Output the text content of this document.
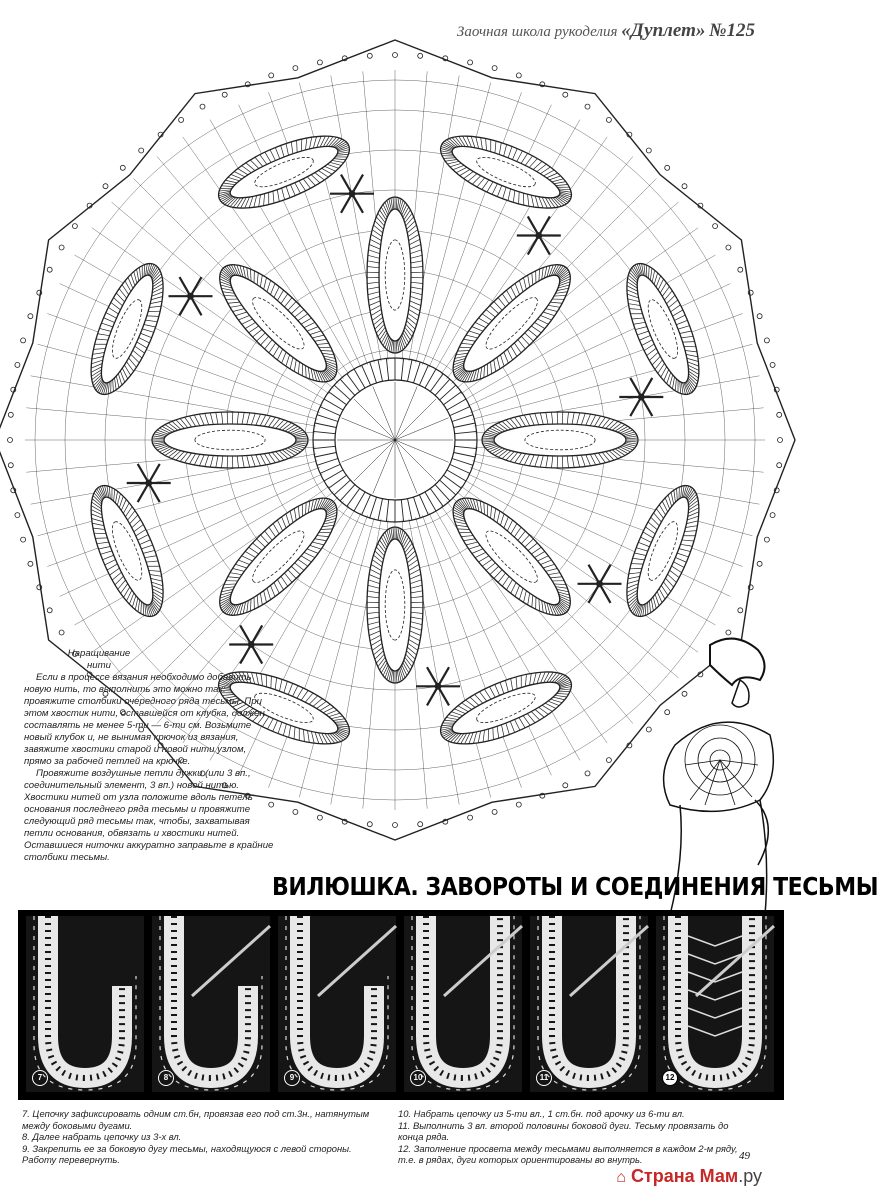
Заочная школа рукоделия «Дуплет» №125
Наращивание нити

Если в процессе вязания необходимо добавить новую нить, то выполнить это можно так: провяжите столбики очередного ряда тесьмы. При этом хвостик нити, оставшейся от клубка, должен составлять не менее 5-ти — 6-ти см. Возьмите новый клубок и, не вынимая крючок из вязания, завяжите хвостики старой и новой нити узлом, прямо за рабочей петлей на крючке.

Провяжите воздушные петли дужки (или 3 вп., соединительный элемент, 3 вп.) новой нитью. Хвостики нитей от узла положите вдоль петель основания последнего ряда тесьмы и провяжите следующий ряд тесьмы так, чтобы, захватывая петли основания, обвязать и хвостики нитей. Оставшиеся ниточки аккуратно заправьте в крайние столбики тесьмы.

ВИЛЮШКА. ЗАВОРОТЫ И СОЕДИНЕНИЯ ТЕСЬМЫ
7	8	9	10	11	12

7. Цепочку зафиксировать одним ст.бн, провязав его под ст.3н., натянутым между боковыми дугами.

8. Далее набрать цепочку из 3-х вл.

9. Закрепить ее за боковую дугу тесьмы, находящуюся с левой стороны. Работу перевернуть.

10. Набрать цепочку из 5-ти вл., 1 ст.бн. под арочку из 6-ти вл.

11. Выполнить 3 вл. второй половины боковой дуги. Тесьму провязать до конца ряда.

12. Заполнение просвета между тесьмами выполняется в каждом 2-м ряду, т.е. в рядах, дуги которых ориентированы во внутрь.	49
⌂ Страна Мам.ру
